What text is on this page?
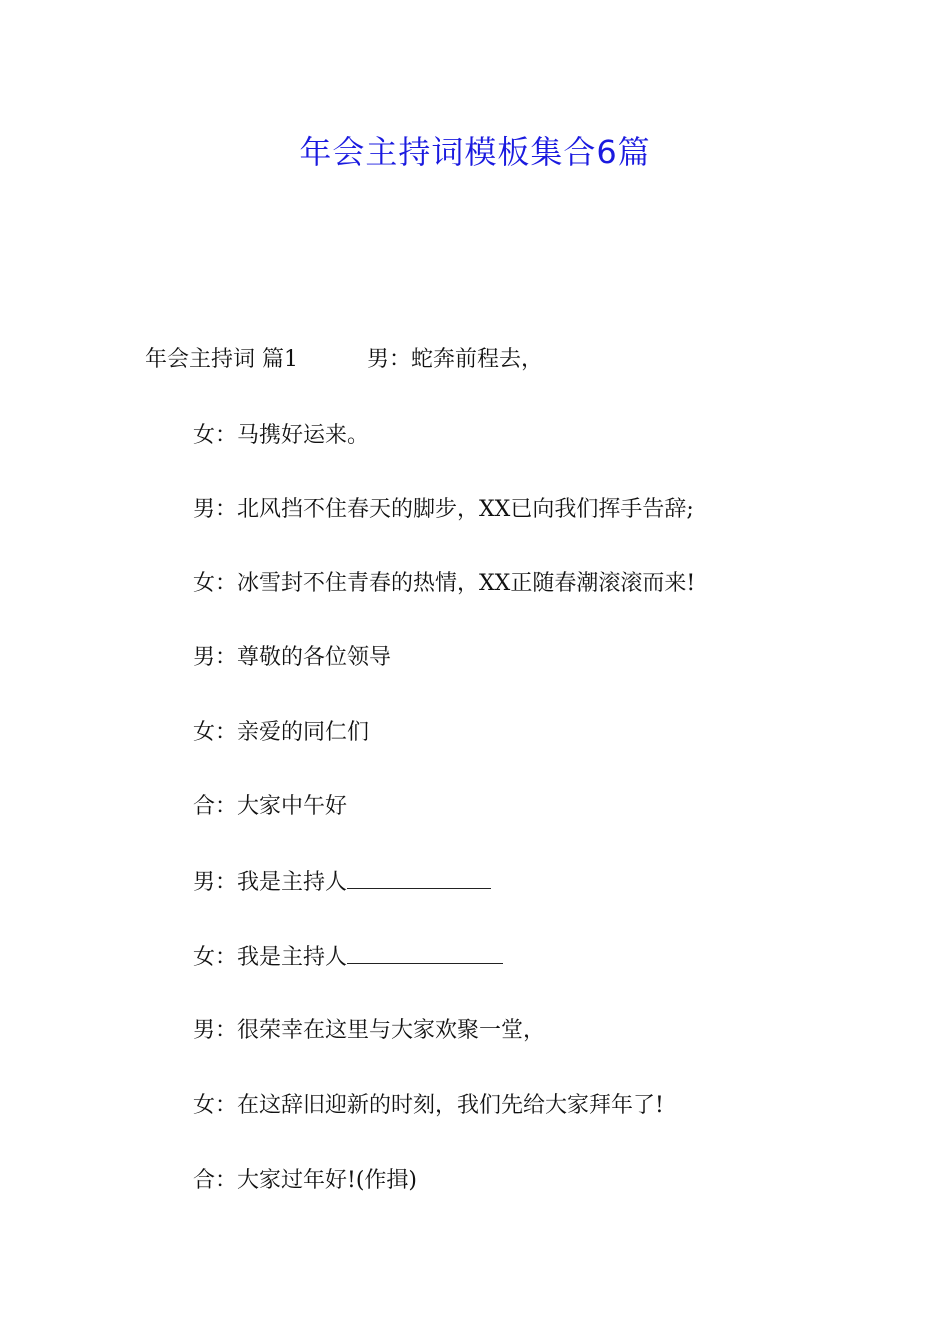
年会主持词模板集合6篇
年会主持词 篇1	男：蛇奔前程去，
女：马携好运来。
男：北风挡不住春天的脚步，XX已向我们挥手告辞;
女：冰雪封不住青春的热情，XX正随春潮滚滚而来!
男：尊敬的各位领导
女：亲爱的同仁们
合：大家中午好
男：我是主持人
女：我是主持人
男：很荣幸在这里与大家欢聚一堂，
女：在这辞旧迎新的时刻，我们先给大家拜年了!
合：大家过年好!(作揖)
